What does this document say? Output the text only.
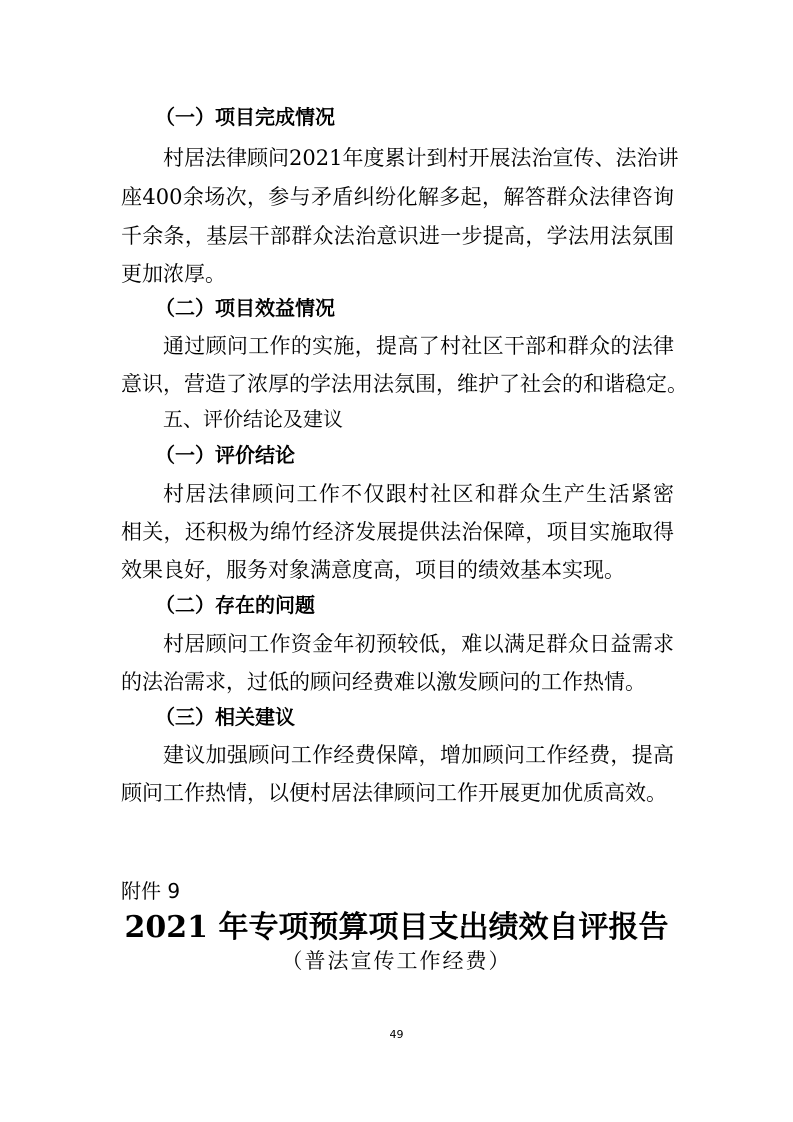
（一）项目完成情况
村居法律顾问2021年度累计到村开展法治宣传、法治讲
座400余场次，参与矛盾纠纷化解多起，解答群众法律咨询
千余条，基层干部群众法治意识进一步提高，学法用法氛围
更加浓厚。
（二）项目效益情况
通过顾问工作的实施，提高了村社区干部和群众的法律
意识，营造了浓厚的学法用法氛围，维护了社会的和谐稳定。
五、评价结论及建议
（一）评价结论
村居法律顾问工作不仅跟村社区和群众生产生活紧密
相关，还积极为绵竹经济发展提供法治保障，项目实施取得
效果良好，服务对象满意度高，项目的绩效基本实现。
（二）存在的问题
村居顾问工作资金年初预较低，难以满足群众日益需求
的法治需求，过低的顾问经费难以激发顾问的工作热情。
（三）相关建议
建议加强顾问工作经费保障，增加顾问工作经费，提高
顾问工作热情，以便村居法律顾问工作开展更加优质高效。
附件 9
2021 年专项预算项目支出绩效自评报告
（普法宣传工作经费）
49
